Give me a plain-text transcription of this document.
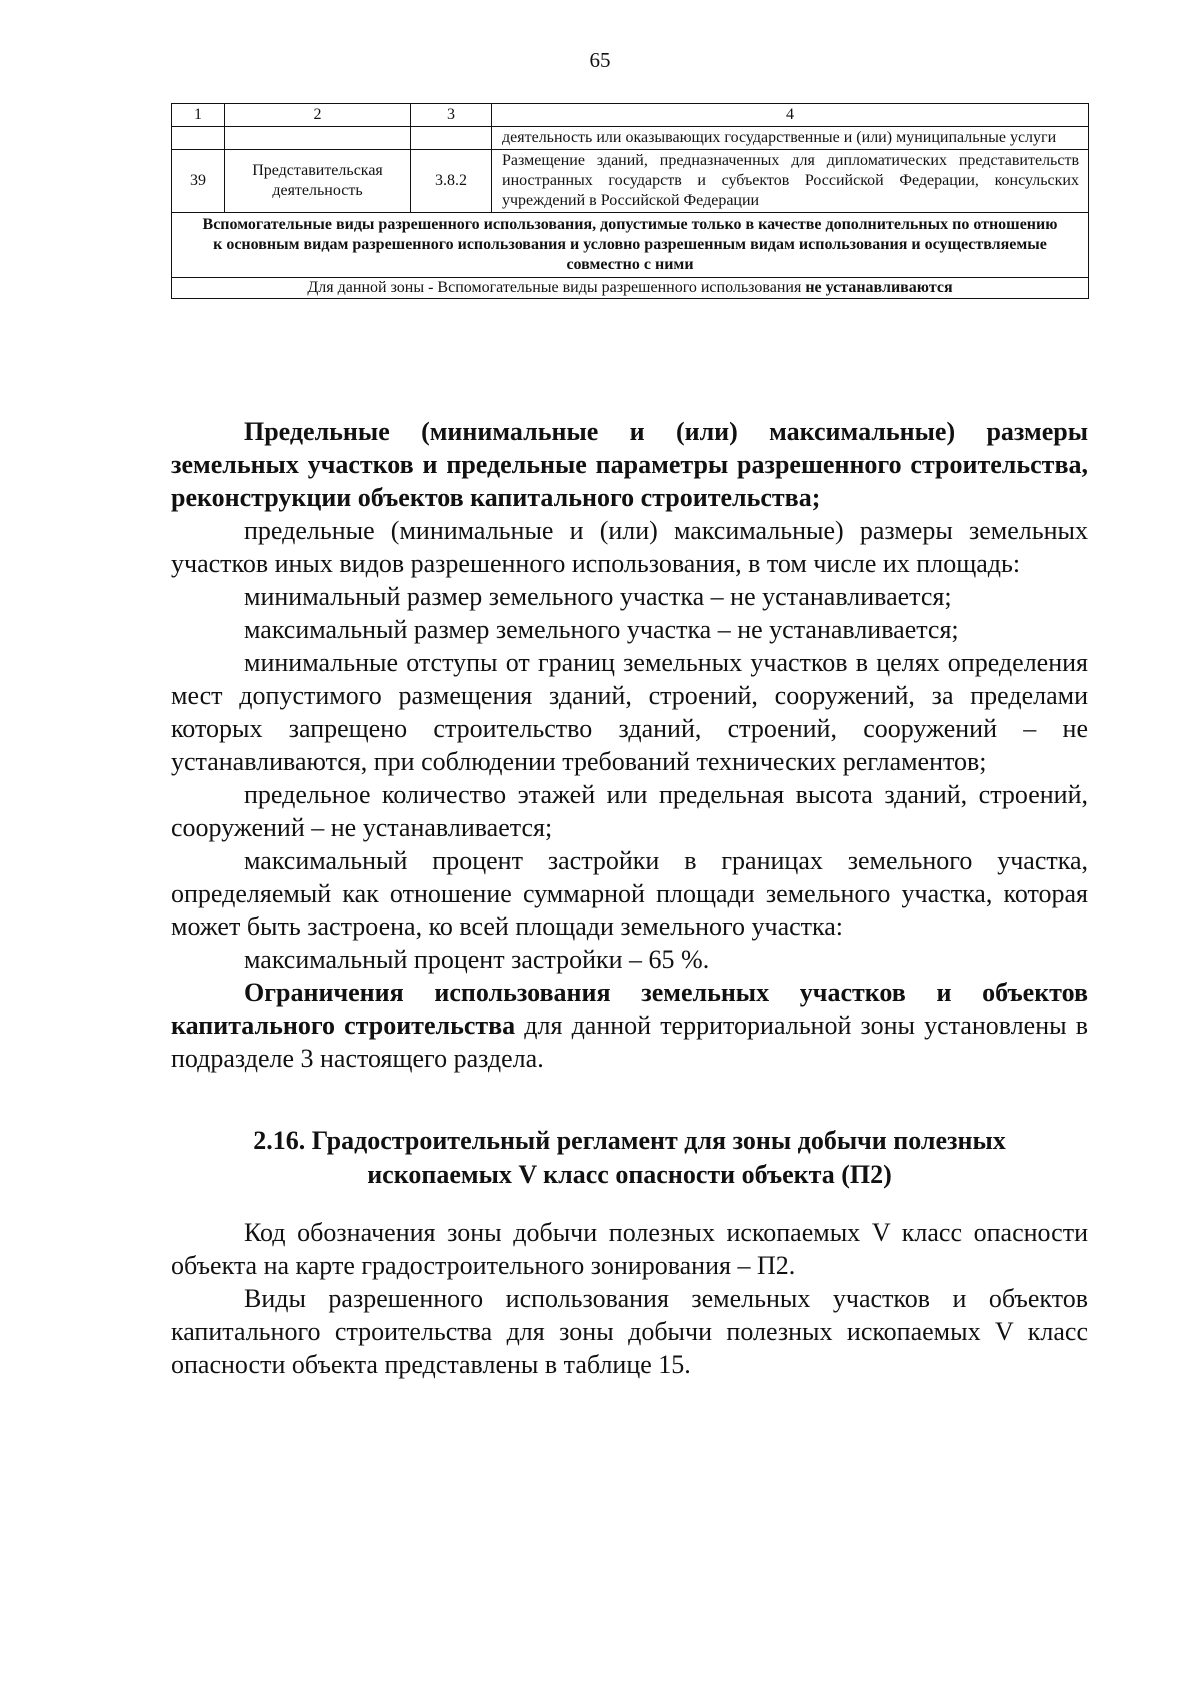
65
1	2	3	4
			деятельность или оказывающих государственные и (или) муниципальные услуги
39	Представительская деятельность	3.8.2	Размещение зданий, предназначенных для дипломатических представительств иностранных государств и субъектов Российской Федерации, консульских учреждений в Российской Федерации
Вспомогательные виды разрешенного использования, допустимые только в качестве дополнительных по отношению к основным видам разрешенного использования и условно разрешенным видам использования и осуществляемые совместно с ними			
Для данной зоны - Вспомогательные виды разрешенного использования не устанавливаются			

Предельные (минимальные и (или) максимальные) размеры земельных участков и предельные параметры разрешенного строительства, реконструкции объектов капитального строительства;

предельные (минимальные и (или) максимальные) размеры земельных участков иных видов разрешенного использования, в том числе их площадь:

минимальный размер земельного участка – не устанавливается;

максимальный размер земельного участка – не устанавливается;

минимальные отступы от границ земельных участков в целях определения мест допустимого размещения зданий, строений, сооружений, за пределами которых запрещено строительство зданий, строений, сооружений – не устанавливаются, при соблюдении требований технических регламентов;

предельное количество этажей или предельная высота зданий, строений, сооружений – не устанавливается;

максимальный процент застройки в границах земельного участка, определяемый как отношение суммарной площади земельного участка, которая может быть застроена, ко всей площади земельного участка:

максимальный процент застройки – 65 %.

Ограничения использования земельных участков и объектов капитального строительства для данной территориальной зоны установлены в подразделе 3 настоящего раздела.

2.16. Градостроительный регламент для зоны добычи полезных
ископаемых V класс опасности объекта (П2)

Код обозначения зоны добычи полезных ископаемых V класс опасности объекта на карте градостроительного зонирования – П2.

Виды разрешенного использования земельных участков и объектов капитального строительства для зоны добычи полезных ископаемых V класс опасности объекта представлены в таблице 15.
